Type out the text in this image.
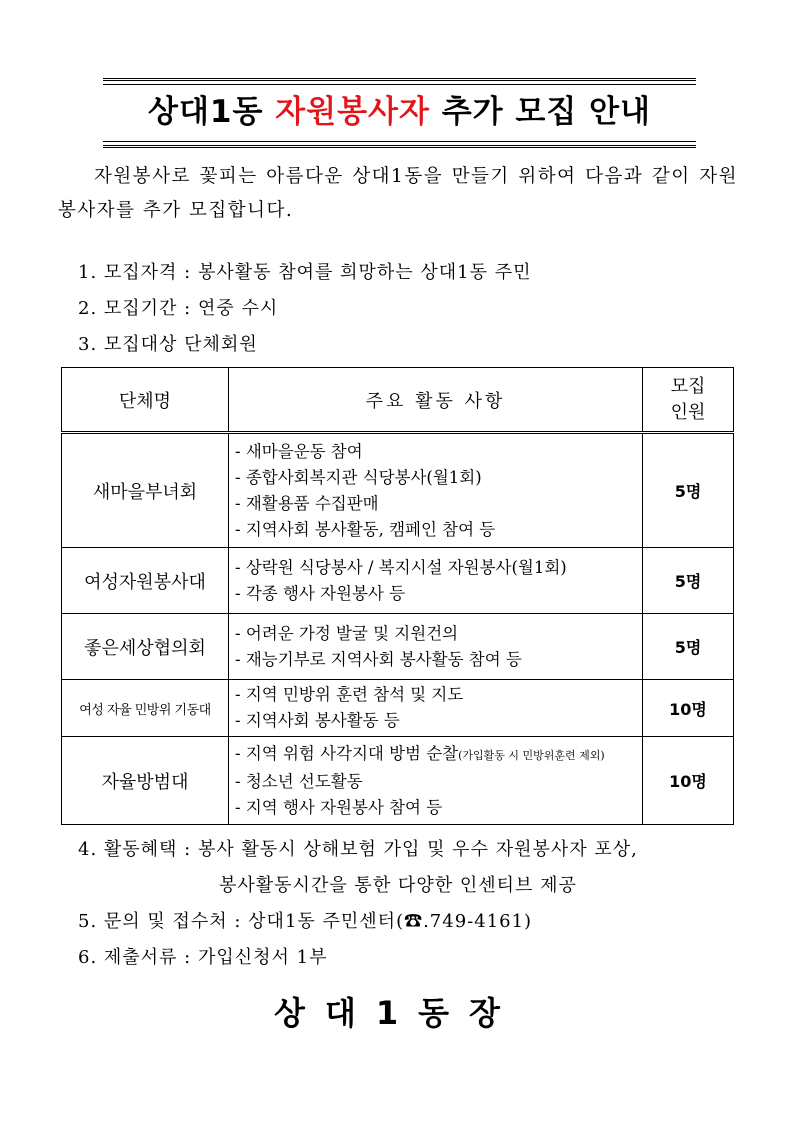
상대1동 자원봉사자 추가 모집 안내
자원봉사로 꽃피는 아름다운 상대1동을 만들기 위하여 다음과 같이 자원봉사자를 추가 모집합니다.
1. 모집자격 : 봉사활동 참여를 희망하는 상대1동 주민
2. 모집기간 : 연중 수시
3. 모집대상 단체회원
단체명	주요 활동 사항	모집
인원

새마을부녀회	- 새마을운동 참여
- 종합사회복지관 식당봉사(월1회)
- 재활용품 수집판매
- 지역사회 봉사활동, 캠페인 참여 등	5명
여성자원봉사대	- 상락원 식당봉사 / 복지시설 자원봉사(월1회)
- 각종 행사 자원봉사 등	5명
좋은세상협의회	- 어려운 가정 발굴 및 지원건의
- 재능기부로 지역사회 봉사활동 참여 등	5명
여성 자율 민방위 기동대	- 지역 민방위 훈련 참석 및 지도
- 지역사회 봉사활동 등	10명
자율방범대	- 지역 위험 사각지대 방범 순찰(가입활동 시 민방위훈련 제외)
- 청소년 선도활동
- 지역 행사 자원봉사 참여 등	10명
4. 활동혜택 : 봉사 활동시 상해보험 가입 및 우수 자원봉사자 포상,
봉사활동시간을 통한 다양한 인센티브 제공
5. 문의 및 접수처 : 상대1동 주민센터(☎.749-4161)
6. 제출서류 : 가입신청서 1부
상대1동장
